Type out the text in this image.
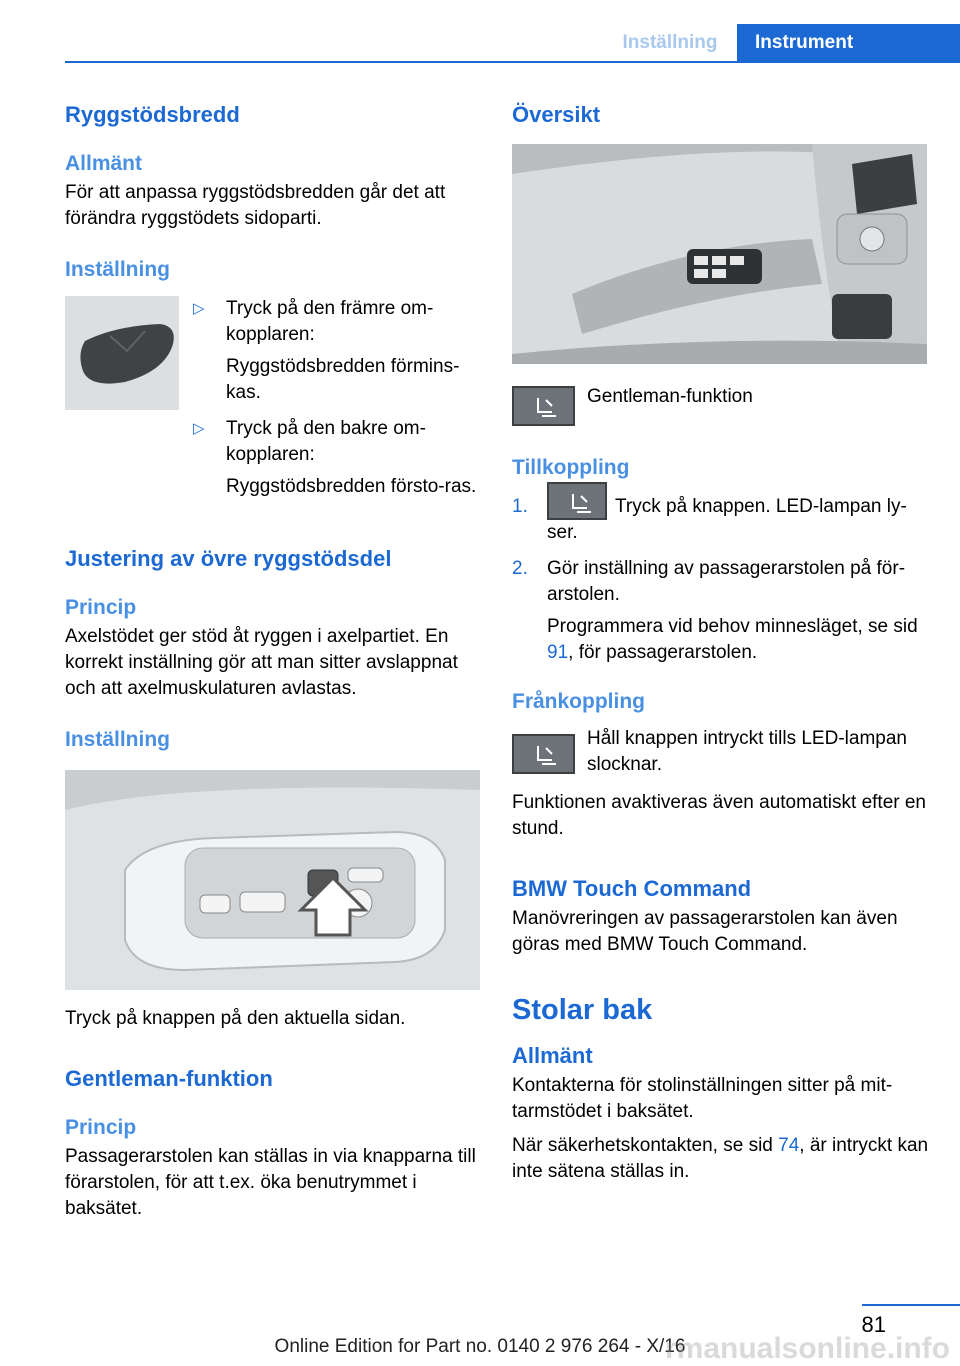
Inställning	Instrument
Ryggstödsbredd
Allmänt

För att anpassa ryggstödsbredden går det att förändra ryggstödets sidoparti.

Inställning
▷ Tryck på den främre om-kopplaren:
Ryggstödsbredden förmins-kas.
▷ Tryck på den bakre om-kopplaren:
Ryggstödsbredden försto-ras.
Justering av övre ryggstödsdel
Princip

Axelstödet ger stöd åt ryggen i axelpartiet. En korrekt inställning gör att man sitter avslappnat och att axelmuskulaturen avlastas.

Inställning

Tryck på knappen på den aktuella sidan.

Gentleman-funktion
Princip

Passagerarstolen kan ställas in via knapparna till förarstolen, för att t.ex. öka benutrymmet i baksätet.

Översikt

Gentleman-funktion

Tillkoppling
1.	Tryck på knappen. LED-lampan ly-ser.
2. Gör inställning av passagerarstolen på för-arstolen.
Programmera vid behov minnesläget, se sid 91, för passagerarstolen.
Frånkoppling

Håll knappen intryckt tills LED-lampan slocknar.

Funktionen avaktiveras även automatiskt efter en stund.

BMW Touch Command

Manövreringen av passagerarstolen kan även göras med BMW Touch Command.

Stolar bak
Allmänt

Kontakterna för stolinställningen sitter på mit-tarmstödet i baksätet.

När säkerhetskontakten, se sid 74, är intryckt kan inte sätena ställas in.

81
Online Edition for Part no. 0140 2 976 264 - X/16
rmanualsonline.info
